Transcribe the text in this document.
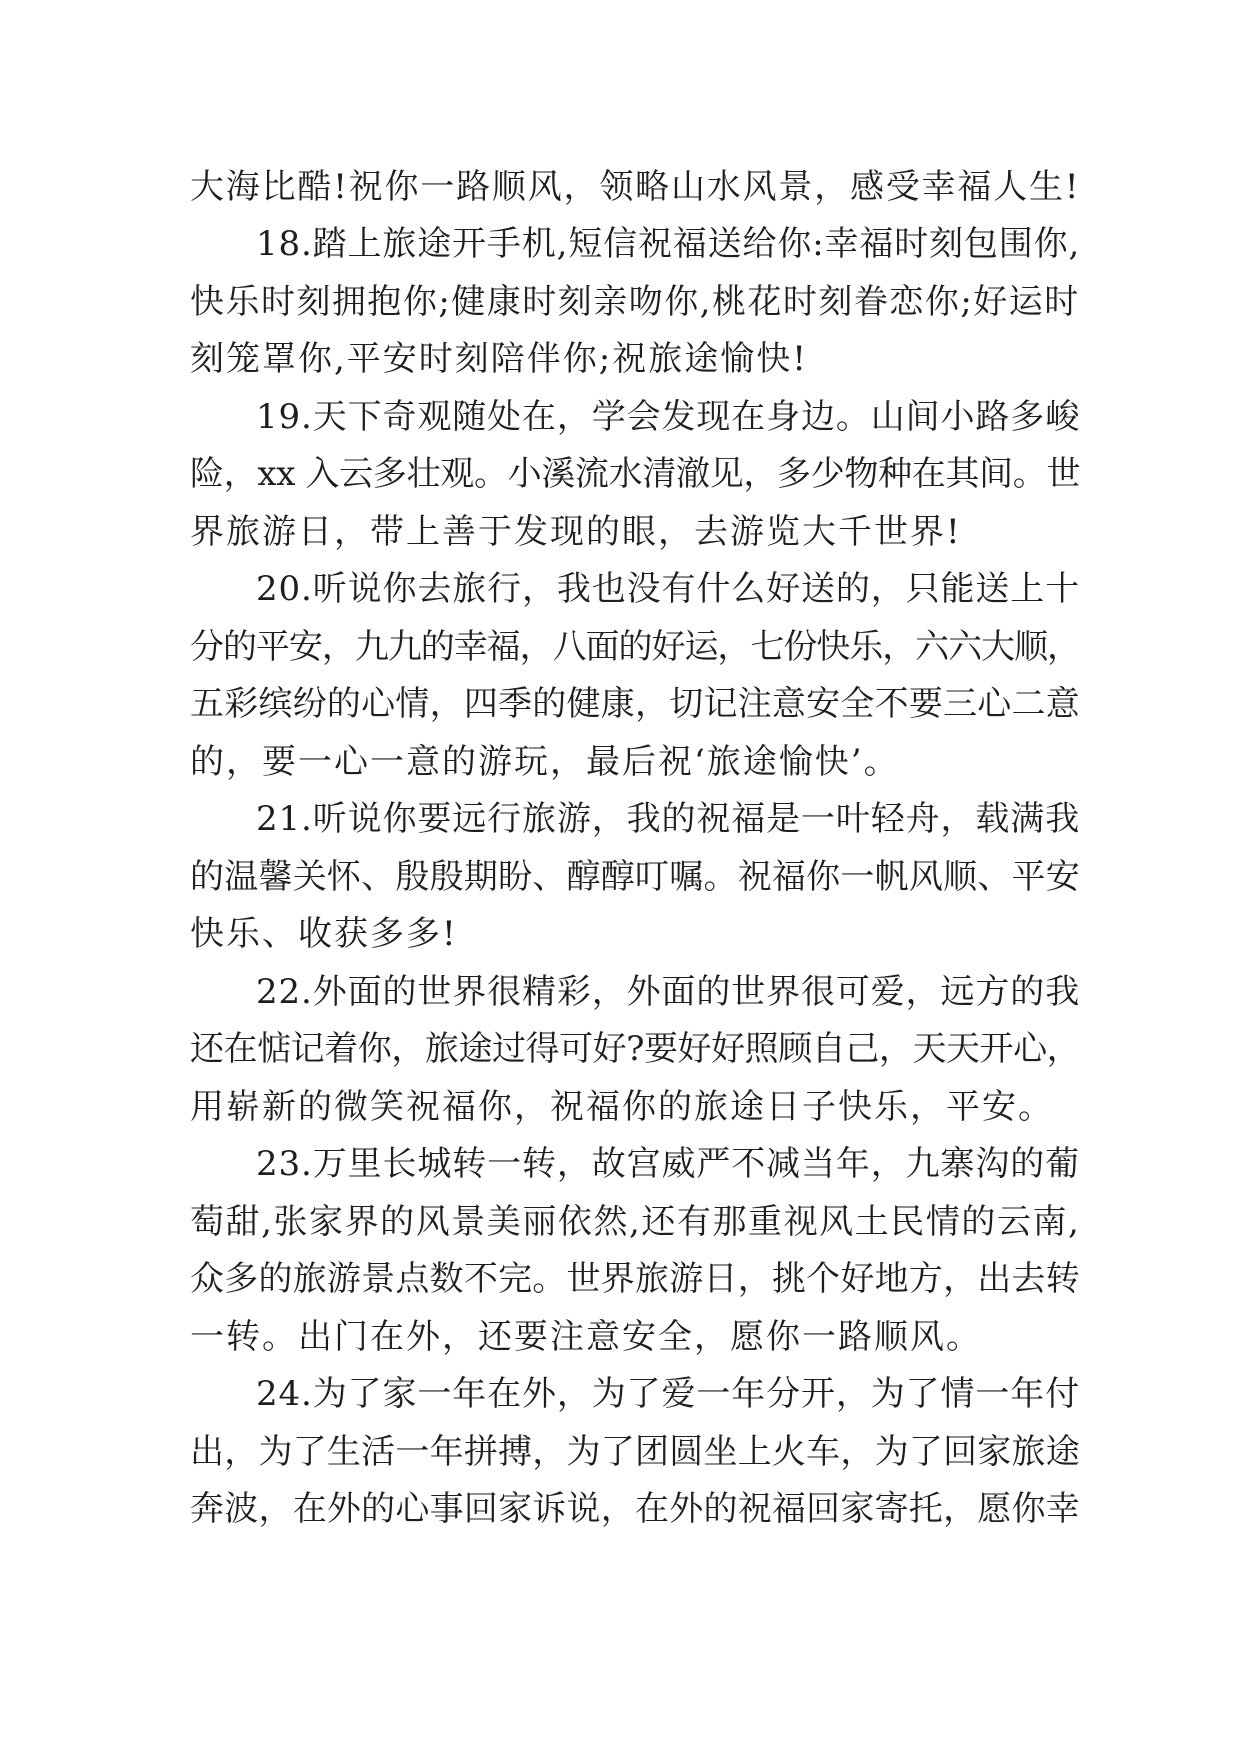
大海比酷!祝你一路顺风，领略山水风景，感受幸福人生!
18.踏上旅途开手机,短信祝福送给你:幸福时刻包围你,
快乐时刻拥抱你;健康时刻亲吻你,桃花时刻眷恋你;好运时
刻笼罩你,平安时刻陪伴你;祝旅途愉快!
19.天下奇观随处在，学会发现在身边。山间小路多峻
险，xx 入云多壮观。小溪流水清澈见，多少物种在其间。世
界旅游日，带上善于发现的眼，去游览大千世界!
20.听说你去旅行，我也没有什么好送的，只能送上十
分的平安，九九的幸福，八面的好运，七份快乐，六六大顺，
五彩缤纷的心情，四季的健康，切记注意安全不要三心二意
的，要一心一意的游玩，最后祝‘旅途愉快’。
21.听说你要远行旅游，我的祝福是一叶轻舟，载满我
的温馨关怀、殷殷期盼、醇醇叮嘱。祝福你一帆风顺、平安
快乐、收获多多!
22.外面的世界很精彩，外面的世界很可爱，远方的我
还在惦记着你，旅途过得可好?要好好照顾自己，天天开心，
用崭新的微笑祝福你，祝福你的旅途日子快乐，平安。
23.万里长城转一转，故宫威严不减当年，九寨沟的葡
萄甜,张家界的风景美丽依然,还有那重视风土民情的云南,
众多的旅游景点数不完。世界旅游日，挑个好地方，出去转
一转。出门在外，还要注意安全，愿你一路顺风。
24.为了家一年在外，为了爱一年分开，为了情一年付
出，为了生活一年拼搏，为了团圆坐上火车，为了回家旅途
奔波，在外的心事回家诉说，在外的祝福回家寄托，愿你幸
